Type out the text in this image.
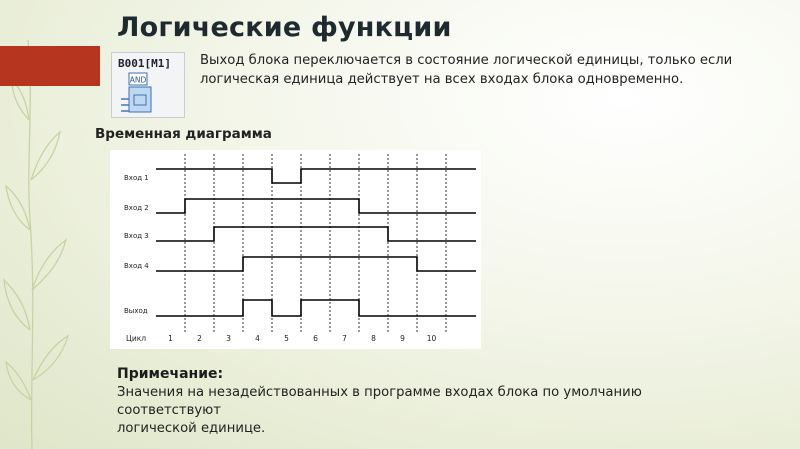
Логические функции
B001[M1]
AND

Выход блока переключается в состояние логической единицы, только если логическая единица действует на всех входах блока одновременно.

Временная диаграмма
Вход 1
Вход 2
Вход 3
Вход 4
Выход
Цикл	1	2	3	4	5	6	7	8	9	10
Примечание:

Значения на незадействованных в программе входах блока по умолчанию соответствуют
логической единице.
